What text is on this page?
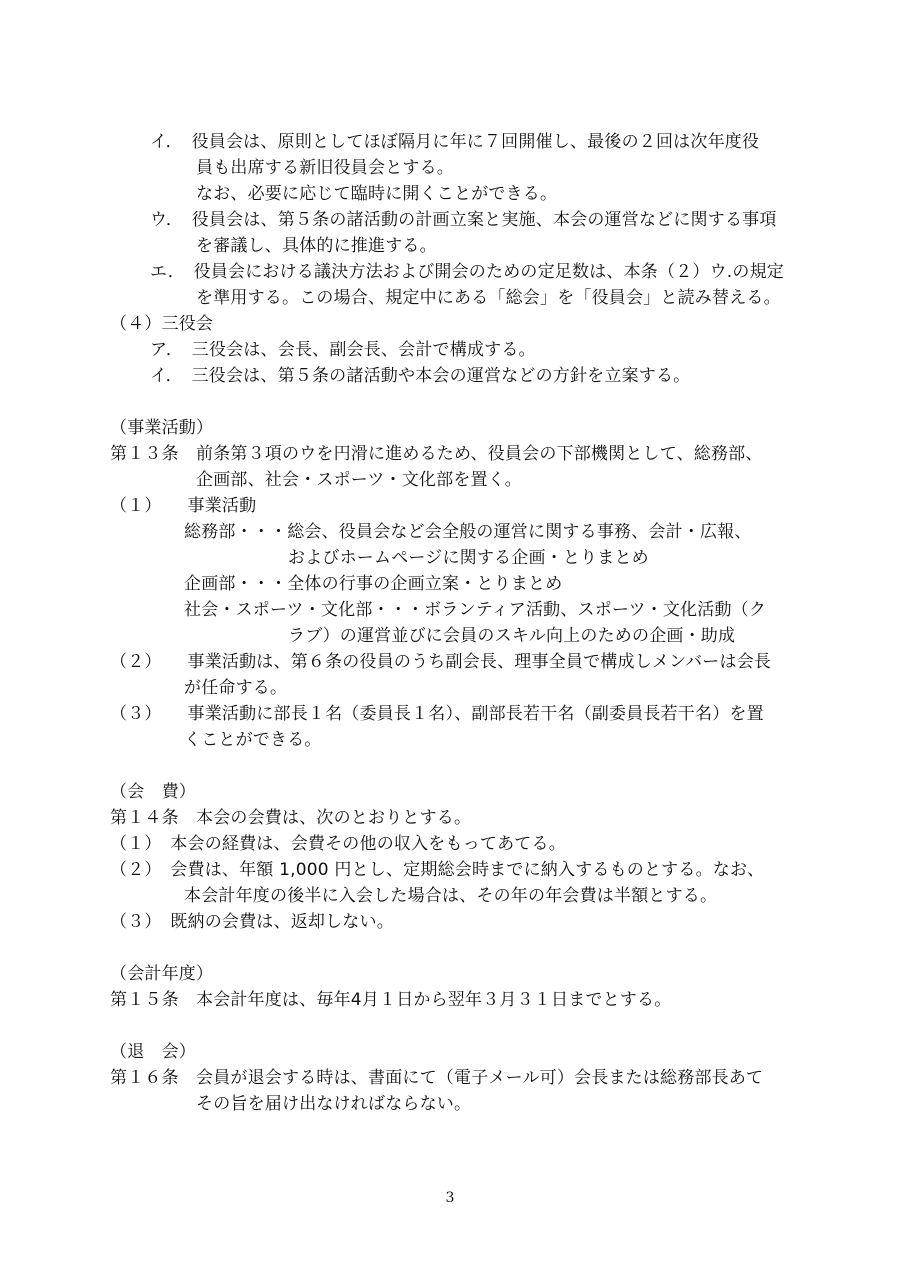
イ．　役員会は、原則としてほぼ隔月に年に７回開催し、最後の２回は次年度役
員も出席する新旧役員会とする。
なお、必要に応じて臨時に開くことができる。
ウ．　役員会は、第５条の諸活動の計画立案と実施、本会の運営などに関する事項
を審議し、具体的に推進する。
エ．　役員会における議決方法および開会のための定足数は、本条（２）ウ.の規定
を準用する。この場合、規定中にある「総会」を「役員会」と読み替える。
（４）三役会
ア．　三役会は、会長、副会長、会計で構成する。
イ．　三役会は、第５条の諸活動や本会の運営などの方針を立案する。
（事業活動）
第１３条　前条第３項のウを円滑に進めるため、役員会の下部機関として、総務部、
企画部、社会・スポーツ・文化部を置く。
（１）　　事業活動
総務部・・・総会、役員会など会全般の運営に関する事務、会計・広報、
およびホームページに関する企画・とりまとめ
企画部・・・全体の行事の企画立案・とりまとめ
社会・スポーツ・文化部・・・ボランティア活動、スポーツ・文化活動（ク
ラブ）の運営並びに会員のスキル向上のための企画・助成
（２）　　事業活動は、第６条の役員のうち副会長、理事全員で構成しメンバーは会長
が任命する。
（３）　　事業活動に部長１名（委員長１名）、副部長若干名（副委員長若干名）を置
くことができる。
（会　費）
第１４条　本会の会費は、次のとおりとする。
（１）　本会の経費は、会費その他の収入をもってあてる。
（２）　会費は、年額 1,000 円とし、定期総会時までに納入するものとする。なお、
本会計年度の後半に入会した場合は、その年の年会費は半額とする。
（３）　既納の会費は、返却しない。
（会計年度）
第１５条　本会計年度は、毎年4月１日から翌年３月３１日までとする。
（退　会）
第１６条　会員が退会する時は、書面にて（電子メール可）会長または総務部長あて
その旨を届け出なければならない。
3
